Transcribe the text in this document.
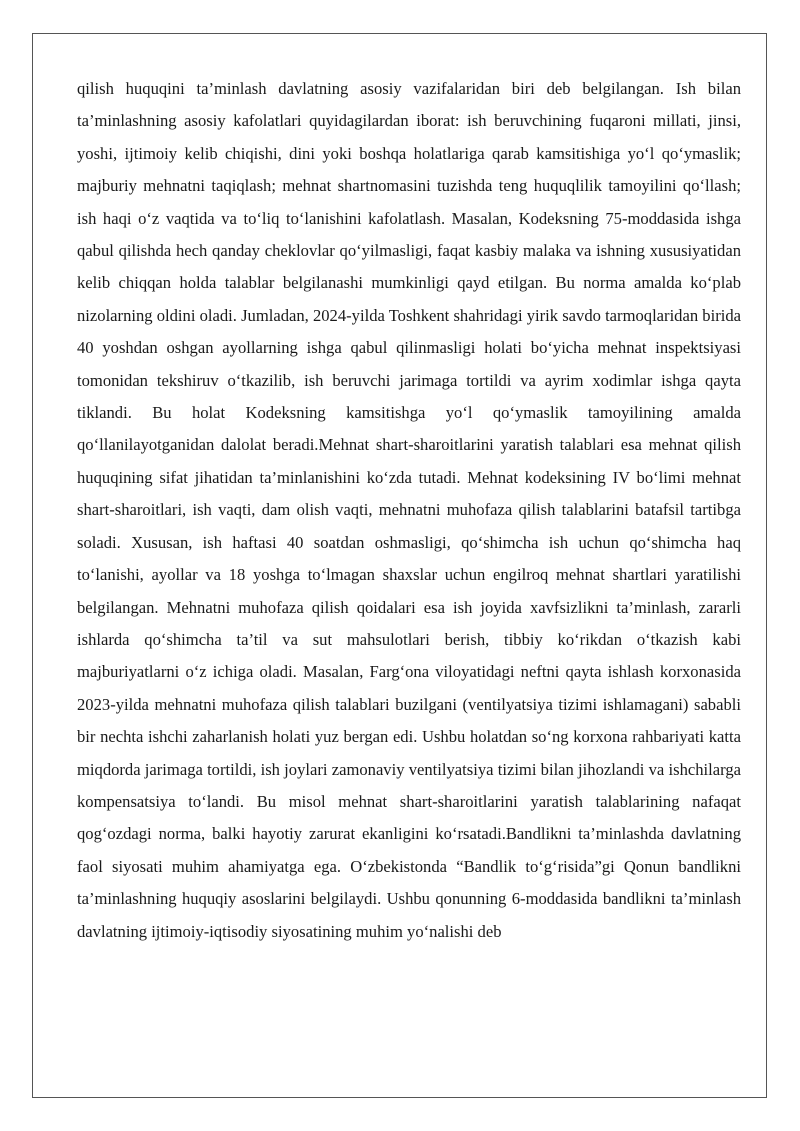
qilish huquqini ta’minlash davlatning asosiy vazifalaridan biri deb belgilangan. Ish bilan ta’minlashning asosiy kafolatlari quyidagilardan iborat: ish beruvchining fuqaroni millati, jinsi, yoshi, ijtimoiy kelib chiqishi, dini yoki boshqa holatlariga qarab kamsitishiga yo‘l qo‘ymaslik; majburiy mehnatni taqiqlash; mehnat shartnomasini tuzishda teng huquqlilik tamoyilini qo‘llash; ish haqi o‘z vaqtida va to‘liq to‘lanishini kafolatlash. Masalan, Kodeksning 75-moddasida ishga qabul qilishda hech qanday cheklovlar qo‘yilmasligi, faqat kasbiy malaka va ishning xususiyatidan kelib chiqqan holda talablar belgilanashi mumkinligi qayd etilgan. Bu norma amalda ko‘plab nizolarning oldini oladi. Jumladan, 2024-yilda Toshkent shahridagi yirik savdo tarmoqlaridan birida 40 yoshdan oshgan ayollarning ishga qabul qilinmasligi holati bo‘yicha mehnat inspektsiyasi tomonidan tekshiruv o‘tkazilib, ish beruvchi jarimaga tortildi va ayrim xodimlar ishga qayta tiklandi. Bu holat Kodeksning kamsitishga yo‘l qo‘ymaslik tamoyilining amalda qo‘llanilayotganidan dalolat beradi.Mehnat shart-sharoitlarini yaratish talablari esa mehnat qilish huquqining sifat jihatidan ta’minlanishini ko‘zda tutadi. Mehnat kodeksining IV bo‘limi mehnat shart-sharoitlari, ish vaqti, dam olish vaqti, mehnatni muhofaza qilish talablarini batafsil tartibga soladi. Xususan, ish haftasi 40 soatdan oshmasligi, qo‘shimcha ish uchun qo‘shimcha haq to‘lanishi, ayollar va 18 yoshga to‘lmagan shaxslar uchun engilroq mehnat shartlari yaratilishi belgilangan. Mehnatni muhofaza qilish qoidalari esa ish joyida xavfsizlikni ta’minlash, zararli ishlarda qo‘shimcha ta’til va sut mahsulotlari berish, tibbiy ko‘rikdan o‘tkazish kabi majburiyatlarni o‘z ichiga oladi. Masalan, Farg‘ona viloyatidagi neftni qayta ishlash korxonasida 2023-yilda mehnatni muhofaza qilish talablari buzilgani (ventilyatsiya tizimi ishlamagani) sababli bir nechta ishchi zaharlanish holati yuz bergan edi. Ushbu holatdan so‘ng korxona rahbariyati katta miqdorda jarimaga tortildi, ish joylari zamonaviy ventilyatsiya tizimi bilan jihozlandi va ishchilarga kompensatsiya to‘landi. Bu misol mehnat shart-sharoitlarini yaratish talablarining nafaqat qog‘ozdagi norma, balki hayotiy zarurat ekanligini ko‘rsatadi.Bandlikni ta’minlashda davlatning faol siyosati muhim ahamiyatga ega. O‘zbekistonda “Bandlik to‘g‘risida”gi Qonun bandlikni ta’minlashning huquqiy asoslarini belgilaydi. Ushbu qonunning 6-moddasida bandlikni ta’minlash davlatning ijtimoiy-iqtisodiy siyosatining muhim yo‘nalishi deb
